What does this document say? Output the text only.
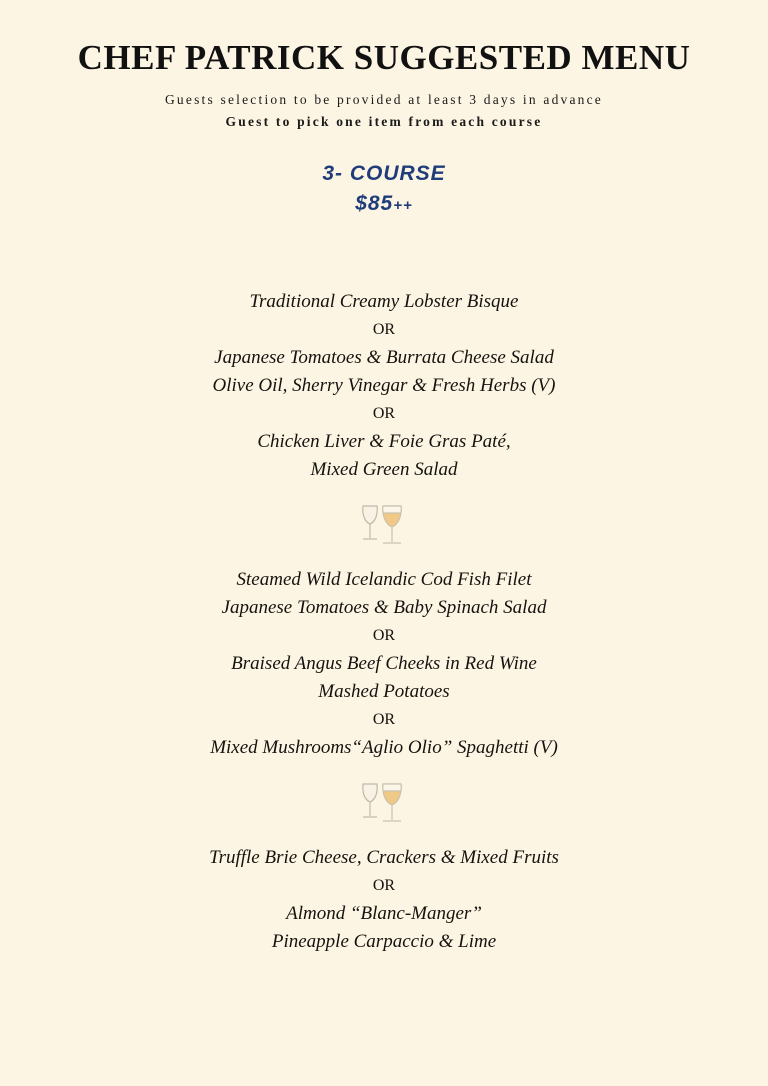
CHEF PATRICK SUGGESTED MENU
Guests selection to be provided at least 3 days in advance
Guest to pick one item from each course
3- COURSE
$85++
Traditional Creamy Lobster Bisque
OR
Japanese Tomatoes & Burrata Cheese Salad
Olive Oil, Sherry Vinegar & Fresh Herbs (V)
OR
Chicken Liver & Foie Gras Paté,
Mixed Green Salad
Steamed Wild Icelandic Cod Fish Filet
Japanese Tomatoes & Baby Spinach Salad
OR
Braised Angus Beef Cheeks in Red Wine
Mashed Potatoes
OR
Mixed Mushrooms“Aglio Olio” Spaghetti (V)
Truffle Brie Cheese, Crackers & Mixed Fruits
OR
Almond “Blanc-Manger”
Pineapple Carpaccio & Lime
